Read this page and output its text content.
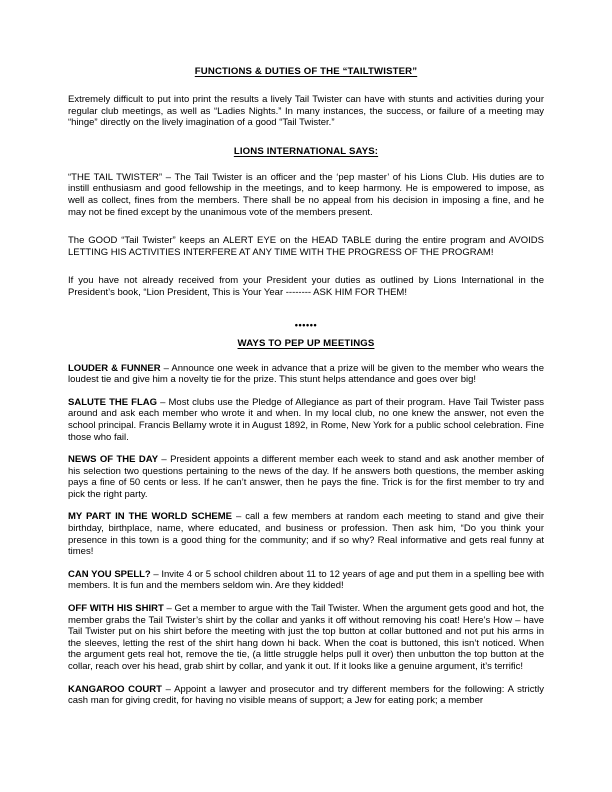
FUNCTIONS & DUTIES OF THE “TAILTWISTER”

Extremely difficult to put into print the results a lively Tail Twister can have with stunts and activities during your regular club meetings, as well as “Ladies Nights.” In many instances, the success, or failure of a meeting may “hinge” directly on the lively imagination of a good “Tail Twister.”

LIONS INTERNATIONAL SAYS:

“THE TAIL TWISTER” – The Tail Twister is an officer and the ‘pep master’ of his Lions Club. His duties are to instill enthusiasm and good fellowship in the meetings, and to keep harmony. He is empowered to impose, as well as collect, fines from the members. There shall be no appeal from his decision in imposing a fine, and he may not be fined except by the unanimous vote of the members present.

The GOOD “Tail Twister” keeps an ALERT EYE on the HEAD TABLE during the entire program and AVOIDS LETTING HIS ACTIVITIES INTERFERE AT ANY TIME WITH THE PROGRESS OF THE PROGRAM!

If you have not already received from your President your duties as outlined by Lions International in the President’s book, “Lion President, This is Your Year -------- ASK HIM FOR THEM!

••••••
WAYS TO PEP UP MEETINGS

LOUDER & FUNNER – Announce one week in advance that a prize will be given to the member who wears the loudest tie and give him a novelty tie for the prize. This stunt helps attendance and goes over big!

SALUTE THE FLAG – Most clubs use the Pledge of Allegiance as part of their program. Have Tail Twister pass around and ask each member who wrote it and when. In my local club, no one knew the answer, not even the school principal. Francis Bellamy wrote it in August 1892, in Rome, New York for a public school celebration. Fine those who fail.

NEWS OF THE DAY – President appoints a different member each week to stand and ask another member of his selection two questions pertaining to the news of the day. If he answers both questions, the member asking pays a fine of 50 cents or less. If he can’t answer, then he pays the fine. Trick is for the first member to try and pick the right party.

MY PART IN THE WORLD SCHEME – call a few members at random each meeting to stand and give their birthday, birthplace, name, where educated, and business or profession. Then ask him, “Do you think your presence in this town is a good thing for the community; and if so why? Real informative and gets real funny at times!

CAN YOU SPELL? – Invite 4 or 5 school children about 11 to 12 years of age and put them in a spelling bee with members. It is fun and the members seldom win. Are they kidded!

OFF WITH HIS SHIRT – Get a member to argue with the Tail Twister. When the argument gets good and hot, the member grabs the Tail Twister’s shirt by the collar and yanks it off without removing his coat! Here’s How – have Tail Twister put on his shirt before the meeting with just the top button at collar buttoned and not put his arms in the sleeves, letting the rest of the shirt hang down hi back. When the coat is buttoned, this isn’t noticed. When the argument gets real hot, remove the tie, (a little struggle helps pull it over) then unbutton the top button at the collar, reach over his head, grab shirt by collar, and yank it out. If it looks like a genuine argument, it’s terrific!

KANGAROO COURT – Appoint a lawyer and prosecutor and try different members for the following: A strictly cash man for giving credit, for having no visible means of support; a Jew for eating pork; a member
